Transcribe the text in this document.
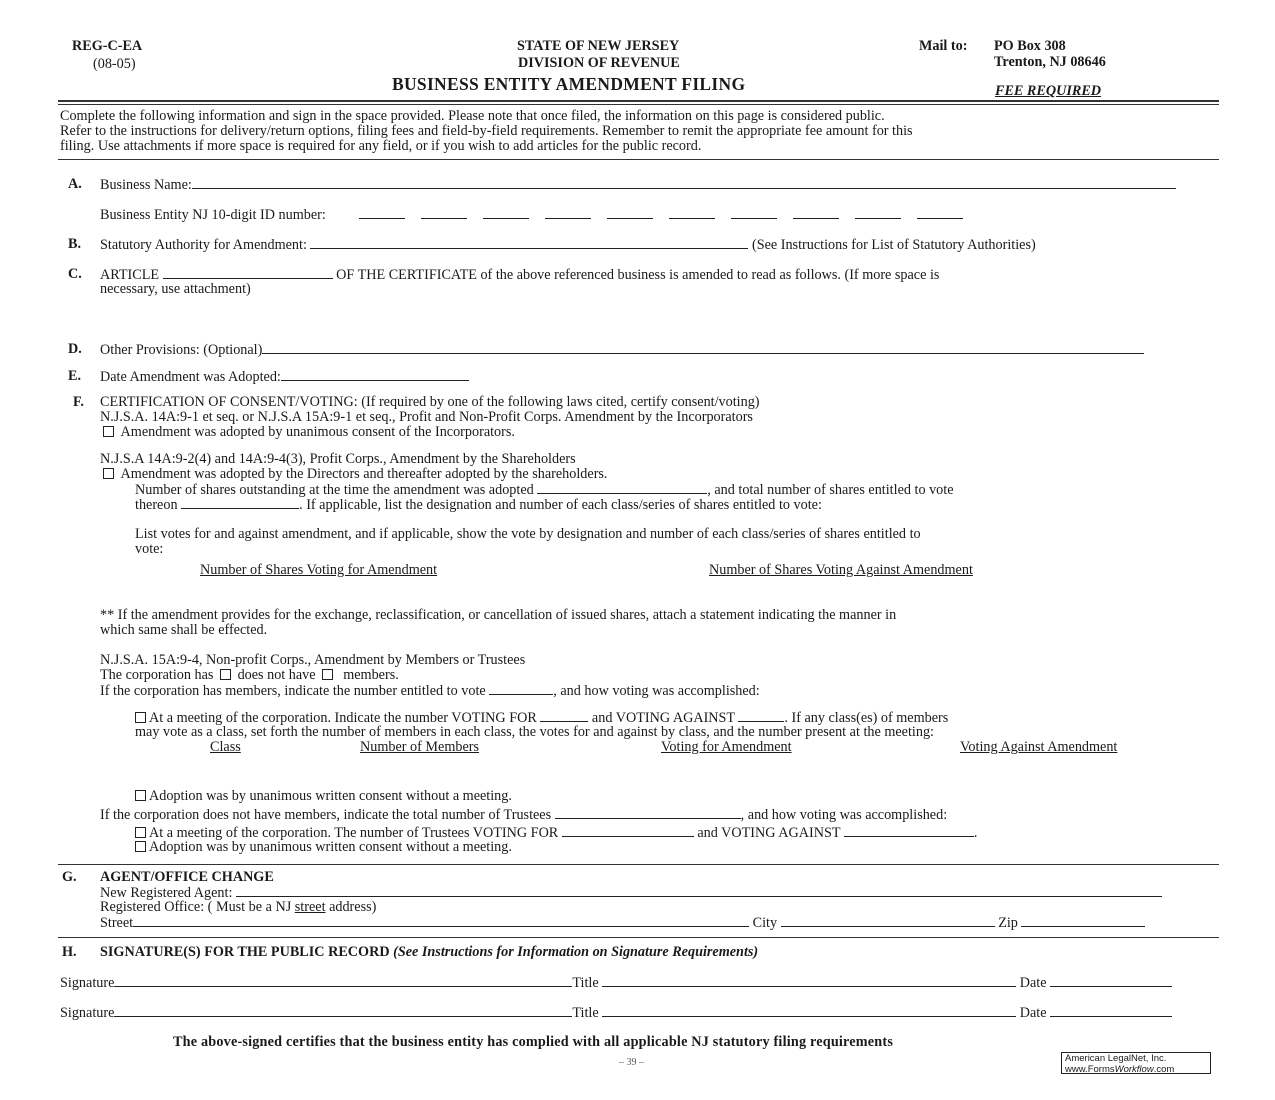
REG-C-EA
(08-05)
STATE OF NEW JERSEY
DIVISION OF REVENUE
BUSINESS ENTITY AMENDMENT FILING
Mail to: PO Box 308
Trenton, NJ 08646
FEE REQUIRED
Complete the following information and sign in the space provided. Please note that once filed, the information on this page is considered public.
Refer to the instructions for delivery/return options, filing fees and field-by-field requirements. Remember to remit the appropriate fee amount for this
filing. Use attachments if more space is required for any field, or if you wish to add articles for the public record.
A. Business Name:
Business Entity NJ 10-digit ID number:
B. Statutory Authority for Amendment:	(See Instructions for List of Statutory Authorities)
C. ARTICLE	OF THE CERTIFICATE of the above referenced business is amended to read as follows. (If more space is
necessary, use attachment)
D. Other Provisions: (Optional)
E. Date Amendment was Adopted:
F. CERTIFICATION OF CONSENT/VOTING: (If required by one of the following laws cited, certify consent/voting)
N.J.S.A. 14A:9-1 et seq. or N.J.S.A 15A:9-1 et seq., Profit and Non-Profit Corps. Amendment by the Incorporators
Amendment was adopted by unanimous consent of the Incorporators.
N.J.S.A 14A:9-2(4) and 14A:9-4(3), Profit Corps., Amendment by the Shareholders
Amendment was adopted by the Directors and thereafter adopted by the shareholders.
Number of shares outstanding at the time the amendment was adopted	, and total number of shares entitled to vote
thereon	. If applicable, list the designation and number of each class/series of shares entitled to vote:
List votes for and against amendment, and if applicable, show the vote by designation and number of each class/series of shares entitled to
vote:
Number of Shares Voting for Amendment	Number of Shares Voting Against Amendment
** If the amendment provides for the exchange, reclassification, or cancellation of issued shares, attach a statement indicating the manner in
which same shall be effected.
N.J.S.A. 15A:9-4, Non-profit Corps., Amendment by Members or Trustees
The corporation has does not have members.
If the corporation has members, indicate the number entitled to vote	, and how voting was accomplished:
At a meeting of the corporation. Indicate the number VOTING FOR	and VOTING AGAINST	. If any class(es) of members
may vote as a class, set forth the number of members in each class, the votes for and against by class, and the number present at the meeting:
Class	Number of Members	Voting for Amendment	Voting Against Amendment
Adoption was by unanimous written consent without a meeting.
If the corporation does not have members, indicate the total number of Trustees	, and how voting was accomplished:
At a meeting of the corporation. The number of Trustees VOTING FOR	and VOTING AGAINST	.
Adoption was by unanimous written consent without a meeting.
G. AGENT/OFFICE CHANGE
New Registered Agent:
Registered Office: ( Must be a NJ street address)
Street	City	Zip
H. SIGNATURE(S) FOR THE PUBLIC RECORD (See Instructions for Information on Signature Requirements)
Signature	Title	Date
Signature	Title	Date
The above-signed certifies that the business entity has complied with all applicable NJ statutory filing requirements
– 39 –	American LegalNet, Inc.
www.FormsWorkflow.com
